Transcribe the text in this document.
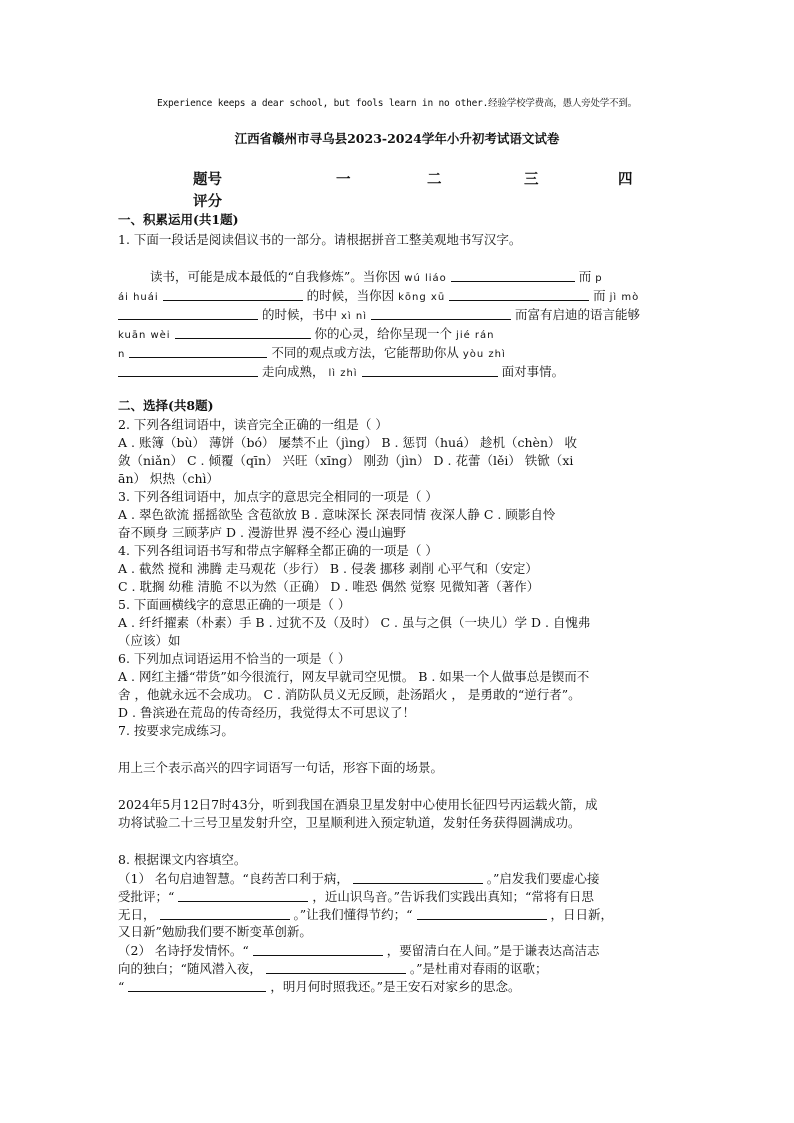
Experience keeps a dear school, but fools learn in no other.经验学校学费高，愚人旁处学不到。
江西省赣州市寻乌县2023-2024学年小升初考试语文试卷
题号	一	二	三	四
评分
一、积累运用(共1题)
1. 下面一段话是阅读倡议书的一部分。请根据拼音工整美观地书写汉字。
读书，可能是成本最低的“自我修炼”。当你因 wú liáo	而 p
ái huái	的时候，当你因 kōng xū	而 jì mò
的时候，书中 xì nì	而富有启迪的语言能够
kuān wèi	你的心灵，给你呈现一个 jié rán
n	不同的观点或方法，它能帮助你从 yòu zhì
走向成熟， lì zhì	面对事情。
二、选择(共8题)
2. 下列各组词语中，读音完全正确的一组是（ ）
A . 账簿（bù） 薄饼（bó） 屡禁不止（jìng） B . 惩罚（huá） 趁机（chèn） 收
敛（niǎn） C . 倾覆（qīn） 兴旺（xīng） 刚劲（jìn） D . 花蕾（lěi） 铁锨（xi
ān） 炽热（chì）
3. 下列各组词语中，加点字的意思完全相同的一项是（ ）
A . 翠色欲流 摇摇欲坠 含苞欲放 B . 意味深长 深表同情 夜深人静 C . 顾影自怜
奋不顾身 三顾茅庐 D . 漫游世界 漫不经心 漫山遍野
4. 下列各组词语书写和带点字解释全都正确的一项是（ ）
A . 截然 搅和 沸腾 走马观花（步行） B . 侵袭 挪移 剥削 心平气和（安定）
C . 耽搁 幼稚 清脆 不以为然（正确） D . 唯恐 偶然 觉察 见微知著（著作）
5. 下面画横线字的意思正确的一项是（ ）
A . 纤纤擢素（朴素）手 B . 过犹不及（及时） C . 虽与之俱（一块儿）学 D . 自愧弗
（应该）如
6. 下列加点词语运用不恰当的一项是（ ）
A . 网红主播“带货”如今很流行，网友早就司空见惯。 B . 如果一个人做事总是锲而不
舍 ，他就永远不会成功。 C . 消防队员义无反顾，赴汤蹈火 ， 是勇敢的“逆行者”。
D . 鲁滨逊在荒岛的传奇经历，我觉得太不可思议了！
7. 按要求完成练习。
用上三个表示高兴的四字词语写一句话，形容下面的场景。
2024年5月12日7时43分，听到我国在酒泉卫星发射中心使用长征四号丙运载火箭，成
功将试验二十三号卫星发射升空，卫星顺利进入预定轨道，发射任务获得圆满成功。
8. 根据课文内容填空。
（1） 名句启迪智慧。“良药苦口利于病，	。”启发我们要虚心接
受批评；“	，近山识鸟音。”告诉我们实践出真知；“常将有日思
无日，	。”让我们懂得节约；“	，日日新，
又日新”勉励我们要不断变革创新。
（2） 名诗抒发情怀。“	，要留清白在人间。”是于谦表达高洁志
向的独白；“随风潜入夜，	。”是杜甫对春雨的讴歌；
“	，明月何时照我还。”是王安石对家乡的思念。
